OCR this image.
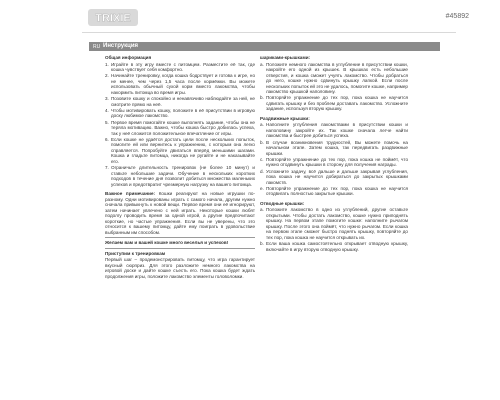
TRIXIE	#45892
RU Инструкция
Общая информация
1. Играйте в эту игру вместе с питомцем. Разместите её так, где кошка чувствует себя комфортно.
2. Начинайте тренировку, когда кошка бодрствует и готова к игре, но не менее, чем через 1,5 часа после кормёжки. Вы можете использовать обычный сухой корм вместо лакомства, чтобы накормить питомца во время игры.
3. Позовите кошку и спокойно и ненавязчиво наблюдайте за ней, не смотрите прямо на неё.
4. Чтобы мотивировать кошку, положите в её присутствии в игровую доску любимое лакомство.
5. Первое время помогайте кошке выполнять задание, чтобы она не теряла мотивацию. Важно, чтобы кошка быстро добилась успеха, так у неё сложится положительное впечатление от игры.
6. Если кошке не удаётся достать цели после нескольких попыток, помогите ей или вернитесь к упражнению, с которым она легко справляется. Попробуйте двигаться вперёд меньшими шагами. Кошка и гладьте питомца, никогда не ругайте и не наказывайте его.
7. Ограничьте длительность тренировок (не более 10 минут) и ставьте небольшие задачи. Обучение в нескольких коротких подходов в течение дня позволит добиться множества маленьких успехов и предотвратит чрезмерную нагрузку на вашего питомца.

Важное примечание: Кошки реагируют на новые игрушки по-разному. Одни мотивированы играть с самого начала, другим нужно сначала привыкнуть к новой вещи. Первое время они её игнорируют, затем начинает увлечено с ней играть. Некоторые кошки любят подолгу проводить время за одной игрой, а другие предпочитают короткие, но частые упражнения. Если вы не уверены, что это относится к вашему питомцу, дайте ему поиграть в удовольствие выбранным им способом.

Желаем вам и вашей кошке много веселья и успехов!
Приступим к тренировкам

Первый шаг – продемонстрировать питомцу, что игра гарантирует вкусный сюрприз. Для этого разложите немного лакомства на игровой доске и дайте кошке съесть его. Пока кошка будет ждать продолжения игры, положите лакомство элементы головоломки.

шариками-крышками:
a. Положите немного лакомства в углубление в присутствии кошки, накройте его одной из крышек. В крышках есть небольшие отверстия, и кошка сможет учуять лакомство. Чтобы добраться до него, кошке нужно сдвинуть крышку лапкой. Если после нескольких попыток ей это не удалось, помогите кошке, например лакомство крышкой наполовину.
b. Повторяйте упражнение до тех пор, пока кошка не научится сдвигать крышку и без проблем доставать лакомство. Усложните задание, используя вторую крышку.
Раздвижные крышки:
a. Наполните углубления лакомствами в присутствии кошки и наполовину закройте их. Так кошке сначала легче найти лакомства и быстрее добиться успеха.
b. В случае возникновения трудностей, Вы можете помочь на начальном этапе. Затем кошка, так передвигать раздвижные крышки.
c. Повторяйте упражнение до тех пор, пока кошка не поймёт, что нужно отодвинуть крышки в сторону для получения награды.
d. Усложните задачу, всё дальше и дальше закрывая углубления, пока кошка не научится добираться до закрытых крышками лакомств.
e. Повторяйте упражнение до тех пор, пока кошка не научится отодвигать полностью закрытые крышки.
Отводные крышки:
a. Положите лакомство в одно из углублений, другие оставьте открытыми. Чтобы достать лакомство, кошке нужно приподнять крышку. На первом этапе помогите кошке: наполните рычагом крышку. После этого она поймёт, что нужно рычагом. Если кошка на первом этапе сможет быстро поднять крышку, повторяйте до тех пор, пока кошка не научится открывать их.
b. Если ваша кошка самостоятельно открывает отводную крышку, включайте в игру вторую отводную крышку.
